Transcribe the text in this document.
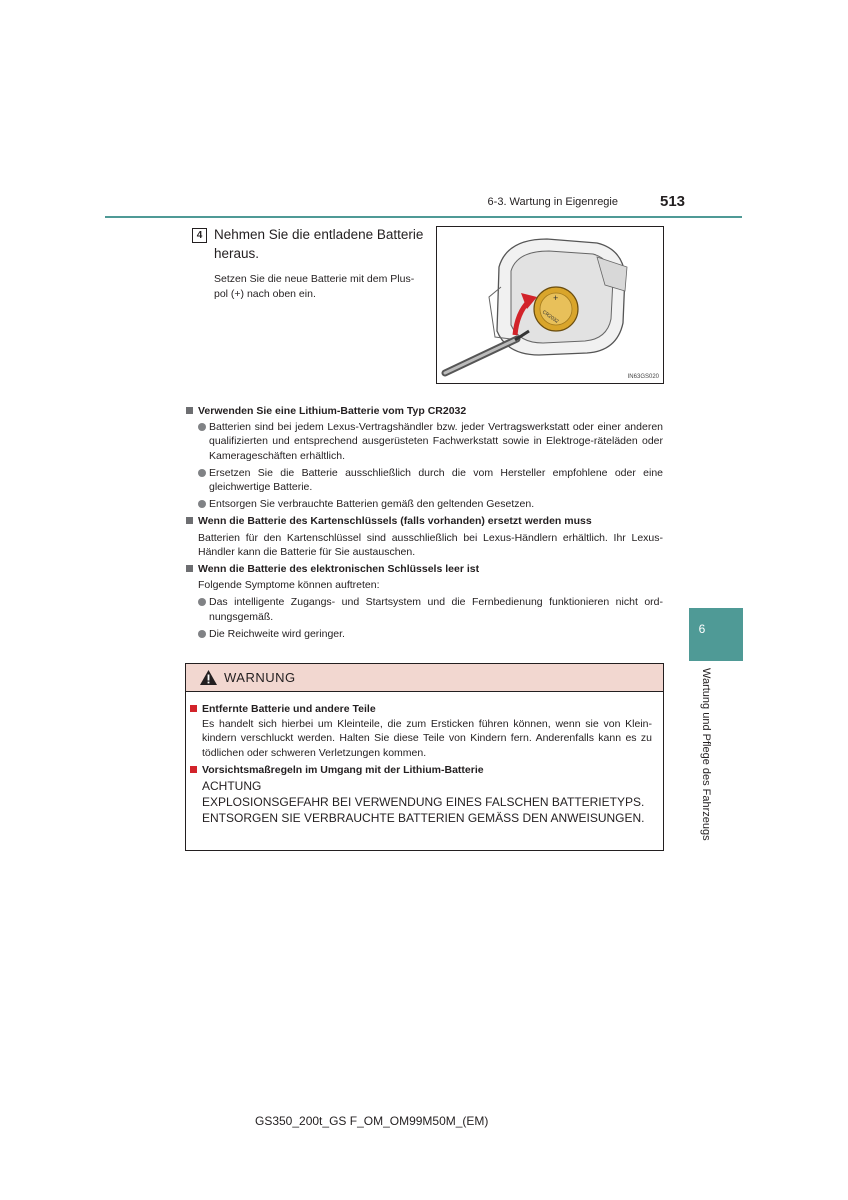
6-3. Wartung in Eigenregie	513
6
Wartung und Pflege des Fahrzeugs
4 Nehmen Sie die entladene Batterie heraus.
Setzen Sie die neue Batterie mit dem Plus-pol (+) nach oben ein.	+
CR2032
IN63GS020
Verwenden Sie eine Lithium-Batterie vom Typ CR2032
Batterien sind bei jedem Lexus-Vertragshändler bzw. jeder Vertragswerkstatt oder einer anderen qualifizierten und entsprechend ausgerüsteten Fachwerkstatt sowie in Elektroge-räteläden oder Kamerageschäften erhältlich.
Ersetzen Sie die Batterie ausschließlich durch die vom Hersteller empfohlene oder eine gleichwertige Batterie.
Entsorgen Sie verbrauchte Batterien gemäß den geltenden Gesetzen.
Wenn die Batterie des Kartenschlüssels (falls vorhanden) ersetzt werden muss
Batterien für den Kartenschlüssel sind ausschließlich bei Lexus-Händlern erhältlich. Ihr Lexus-Händler kann die Batterie für Sie austauschen.
Wenn die Batterie des elektronischen Schlüssels leer ist
Folgende Symptome können auftreten:
Das intelligente Zugangs- und Startsystem und die Fernbedienung funktionieren nicht ord-nungsgemäß.
Die Reichweite wird geringer.
WARNUNG
Entfernte Batterie und andere Teile
Es handelt sich hierbei um Kleinteile, die zum Ersticken führen können, wenn sie von Klein-kindern verschluckt werden. Halten Sie diese Teile von Kindern fern. Anderenfalls kann es zu tödlichen oder schweren Verletzungen kommen.
Vorsichtsmaßregeln im Umgang mit der Lithium-Batterie
ACHTUNG
EXPLOSIONSGEFAHR BEI VERWENDUNG EINES FALSCHEN BATTERIETYPS.
ENTSORGEN SIE VERBRAUCHTE BATTERIEN GEMÄSS DEN ANWEISUNGEN.
GS350_200t_GS F_OM_OM99M50M_(EM)
